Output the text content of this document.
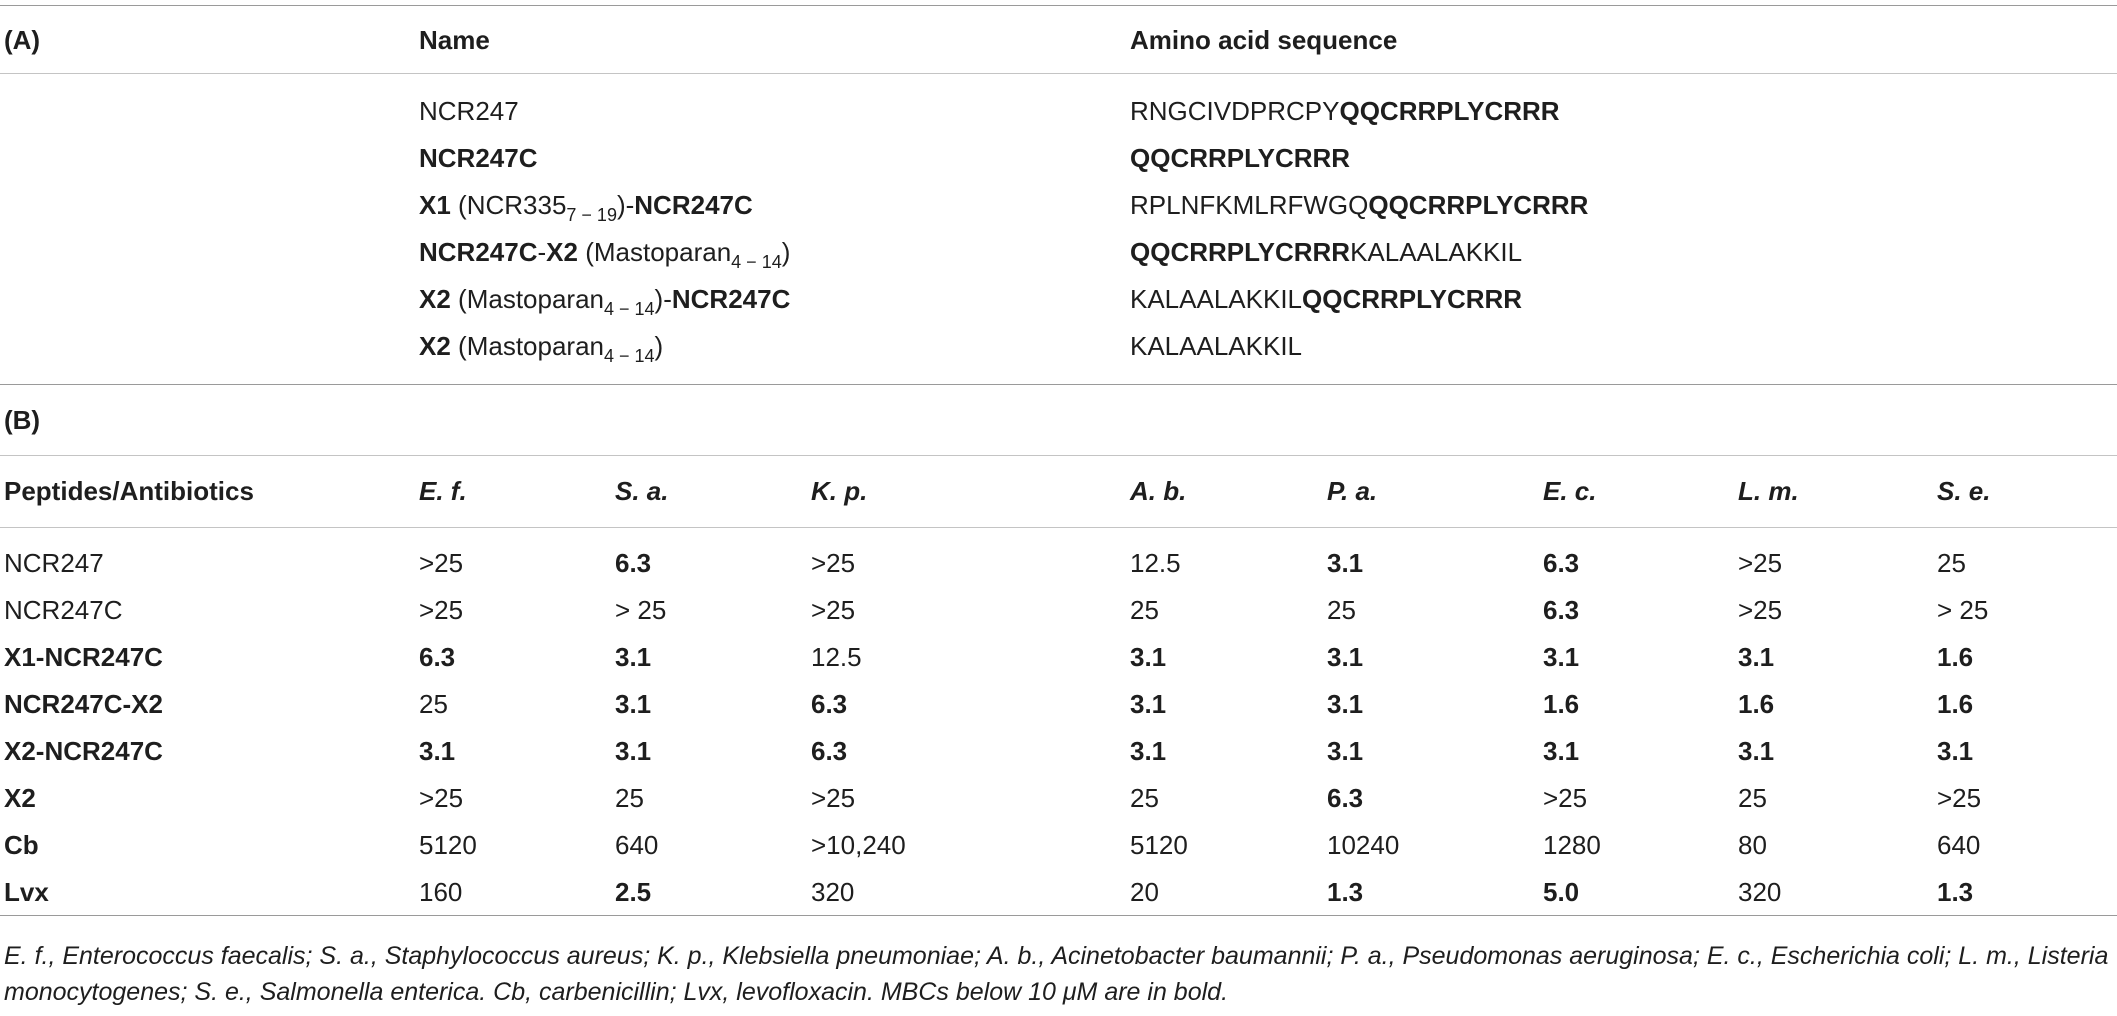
(A)	Name	Amino acid sequence
NCR247	RNGCIVDPRCPYQQCRRPLYCRRR
NCR247C	QQCRRPLYCRRR
X1 $(NCR335_{7 - 19})-NCR247C$	RPLNFKMLRFWGQQQCRRPLYCRRR
NCR247C-X2 (Mastoparan$_{4 - 14}$)	QQCRRPLYCRRRKALAALAKKIL
X2 (Mastoparan$_{4 - 14}$)-NCR247C	KALAALAKKILQQCRRPLYCRRR
X2 (Mastoparan$_{4 - 14}$)	KALAALAKKIL
(B)
Peptides/Antibiotics	E. f.	S. a.	K. p.	A. b.	P. a.	E. c.	L. m.	S. e.
NCR247	>25	6.3	>25	12.5	3.1	6.3	>25	25
NCR247C	>25	> 25	>25	25	25	6.3	>25	> 25
X1-NCR247C	6.3	3.1	12.5	3.1	3.1	3.1	3.1	1.6
NCR247C-X2	25	3.1	6.3	3.1	3.1	1.6	1.6	1.6
X2-NCR247C	3.1	3.1	6.3	3.1	3.1	3.1	3.1	3.1
X2	>25	25	>25	25	6.3	>25	25	>25
Cb	5120	640	>10,240	5120	10240	1280	80	640
Lvx	160	2.5	320	20	1.3	5.0	320	1.3
E. f., Enterococcus faecalis; S. a., Staphylococcus aureus; K. p., Klebsiella pneumoniae; A. b., Acinetobacter baumannii; P. a., Pseudomonas aeruginosa; E. c., Escherichia coli; L. m., Listeria monocytogenes; S. e., Salmonella enterica. Cb, carbenicillin; Lvx, levofloxacin. MBCs below 10 μM are in bold.
